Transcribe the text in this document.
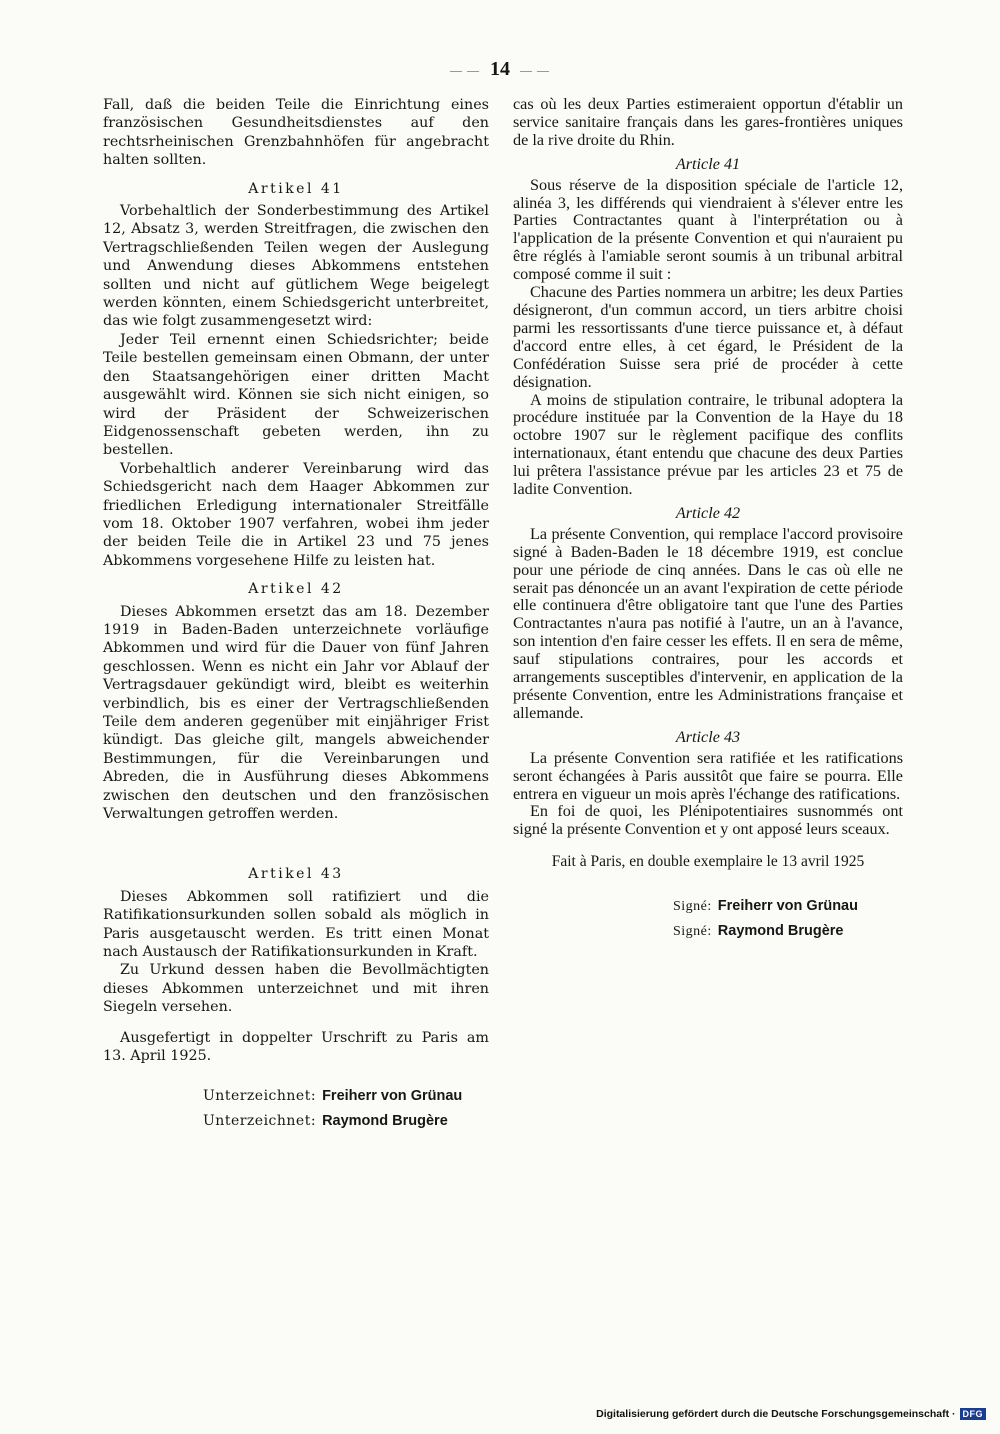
— — 14 — —

Fall, daß die beiden Teile die Einrichtung eines französischen Gesundheitsdienstes auf den rechtsrheinischen Grenzbahnhöfen für angebracht halten sollten.

Artikel 41

Vorbehaltlich der Sonderbestimmung des Artikel 12, Absatz 3, werden Streitfragen, die zwischen den Vertragschließenden Teilen wegen der Auslegung und Anwendung dieses Abkommens entstehen sollten und nicht auf gütlichem Wege beigelegt werden könnten, einem Schiedsgericht unterbreitet, das wie folgt zusammengesetzt wird:

Jeder Teil ernennt einen Schiedsrichter; beide Teile bestellen gemeinsam einen Obmann, der unter den Staatsangehörigen einer dritten Macht ausgewählt wird. Können sie sich nicht einigen, so wird der Präsident der Schweizerischen Eidgenossenschaft gebeten werden, ihn zu bestellen.

Vorbehaltlich anderer Vereinbarung wird das Schiedsgericht nach dem Haager Abkommen zur friedlichen Erledigung internationaler Streitfälle vom 18. Oktober 1907 verfahren, wobei ihm jeder der beiden Teile die in Artikel 23 und 75 jenes Abkommens vorgesehene Hilfe zu leisten hat.

Artikel 42

Dieses Abkommen ersetzt das am 18. Dezember 1919 in Baden-Baden unterzeichnete vorläufige Abkommen und wird für die Dauer von fünf Jahren geschlossen. Wenn es nicht ein Jahr vor Ablauf der Vertragsdauer gekündigt wird, bleibt es weiterhin verbindlich, bis es einer der Vertragschließenden Teile dem anderen gegenüber mit einjähriger Frist kündigt. Das gleiche gilt, mangels abweichender Bestimmungen, für die Vereinbarungen und Abreden, die in Ausführung dieses Abkommens zwischen den deutschen und den französischen Verwaltungen getroffen werden.

Artikel 43

Dieses Abkommen soll ratifiziert und die Ratifikationsurkunden sollen sobald als möglich in Paris ausgetauscht werden. Es tritt einen Monat nach Austausch der Ratifikationsurkunden in Kraft.

Zu Urkund dessen haben die Bevollmächtigten dieses Abkommen unterzeichnet und mit ihren Siegeln versehen.

Ausgefertigt in doppelter Urschrift zu Paris am 13. April 1925.

Unterzeichnet: Freiherr von Grünau
Unterzeichnet: Raymond Brugère

cas où les deux Parties estimeraient opportun d'établir un service sanitaire français dans les gares-frontières uniques de la rive droite du Rhin.

Article 41

Sous réserve de la disposition spéciale de l'article 12, alinéa 3, les différends qui viendraient à s'élever entre les Parties Contractantes quant à l'interprétation ou à l'application de la présente Convention et qui n'auraient pu être réglés à l'amiable seront soumis à un tribunal arbitral composé comme il suit :

Chacune des Parties nommera un arbitre; les deux Parties désigneront, d'un commun accord, un tiers arbitre choisi parmi les ressortissants d'une tierce puissance et, à défaut d'accord entre elles, à cet égard, le Président de la Confédération Suisse sera prié de procéder à cette désignation.

A moins de stipulation contraire, le tribunal adoptera la procédure instituée par la Convention de la Haye du 18 octobre 1907 sur le règlement pacifique des conflits internationaux, étant entendu que chacune des deux Parties lui prêtera l'assistance prévue par les articles 23 et 75 de ladite Convention.

Article 42

La présente Convention, qui remplace l'accord provisoire signé à Baden-Baden le 18 décembre 1919, est conclue pour une période de cinq années. Dans le cas où elle ne serait pas dénoncée un an avant l'expiration de cette période elle continuera d'être obligatoire tant que l'une des Parties Contractantes n'aura pas notifié à l'autre, un an à l'avance, son intention d'en faire cesser les effets. Il en sera de même, sauf stipulations contraires, pour les accords et arrangements susceptibles d'intervenir, en application de la présente Convention, entre les Administrations française et allemande.

Article 43

La présente Convention sera ratifiée et les ratifications seront échangées à Paris aussitôt que faire se pourra. Elle entrera en vigueur un mois après l'échange des ratifications.

En foi de quoi, les Plénipotentiaires susnommés ont signé la présente Convention et y ont apposé leurs sceaux.

Fait à Paris, en double exemplaire le 13 avril 1925

Signé: Freiherr von Grünau
Signé: Raymond Brugère
Digitalisierung gefördert durch die Deutsche Forschungsgemeinschaft · DFG
